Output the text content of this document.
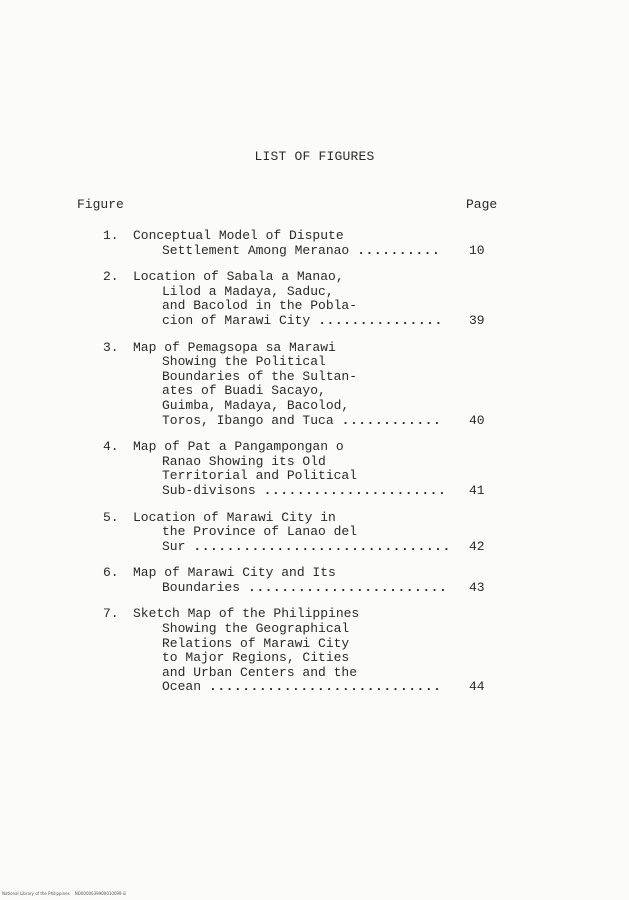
LIST OF FIGURES
Figure	Page
1.	Conceptual Model of Dispute
Settlement Among Meranao .......... 10
2.	Location of Sabala a Manao,
Lilod a Madaya, Saduc,
and Bacolod in the Pobla-
cion of Marawi City ............... 39
3.	Map of Pemagsopa sa Marawi
Showing the Political
Boundaries of the Sultan-
ates of Buadi Sacayo,
Guimba, Madaya, Bacolod,
Toros, Ibango and Tuca ............ 40
4.	Map of Pat a Pangampongan o
Ranao Showing its Old
Territorial and Political
Sub-divisons ...................... 41
5.	Location of Marawi City in
the Province of Lanao del
Sur ............................... 42
6.	Map of Marawi City and Its
Boundaries ........................ 43
7.	Sketch Map of the Philippines
Showing the Geographical
Relations of Marawi City
to Major Regions, Cities
and Urban Centers and the
Ocean ............................ 44
National Library of the Philippines    ND0000039900010099 iii
